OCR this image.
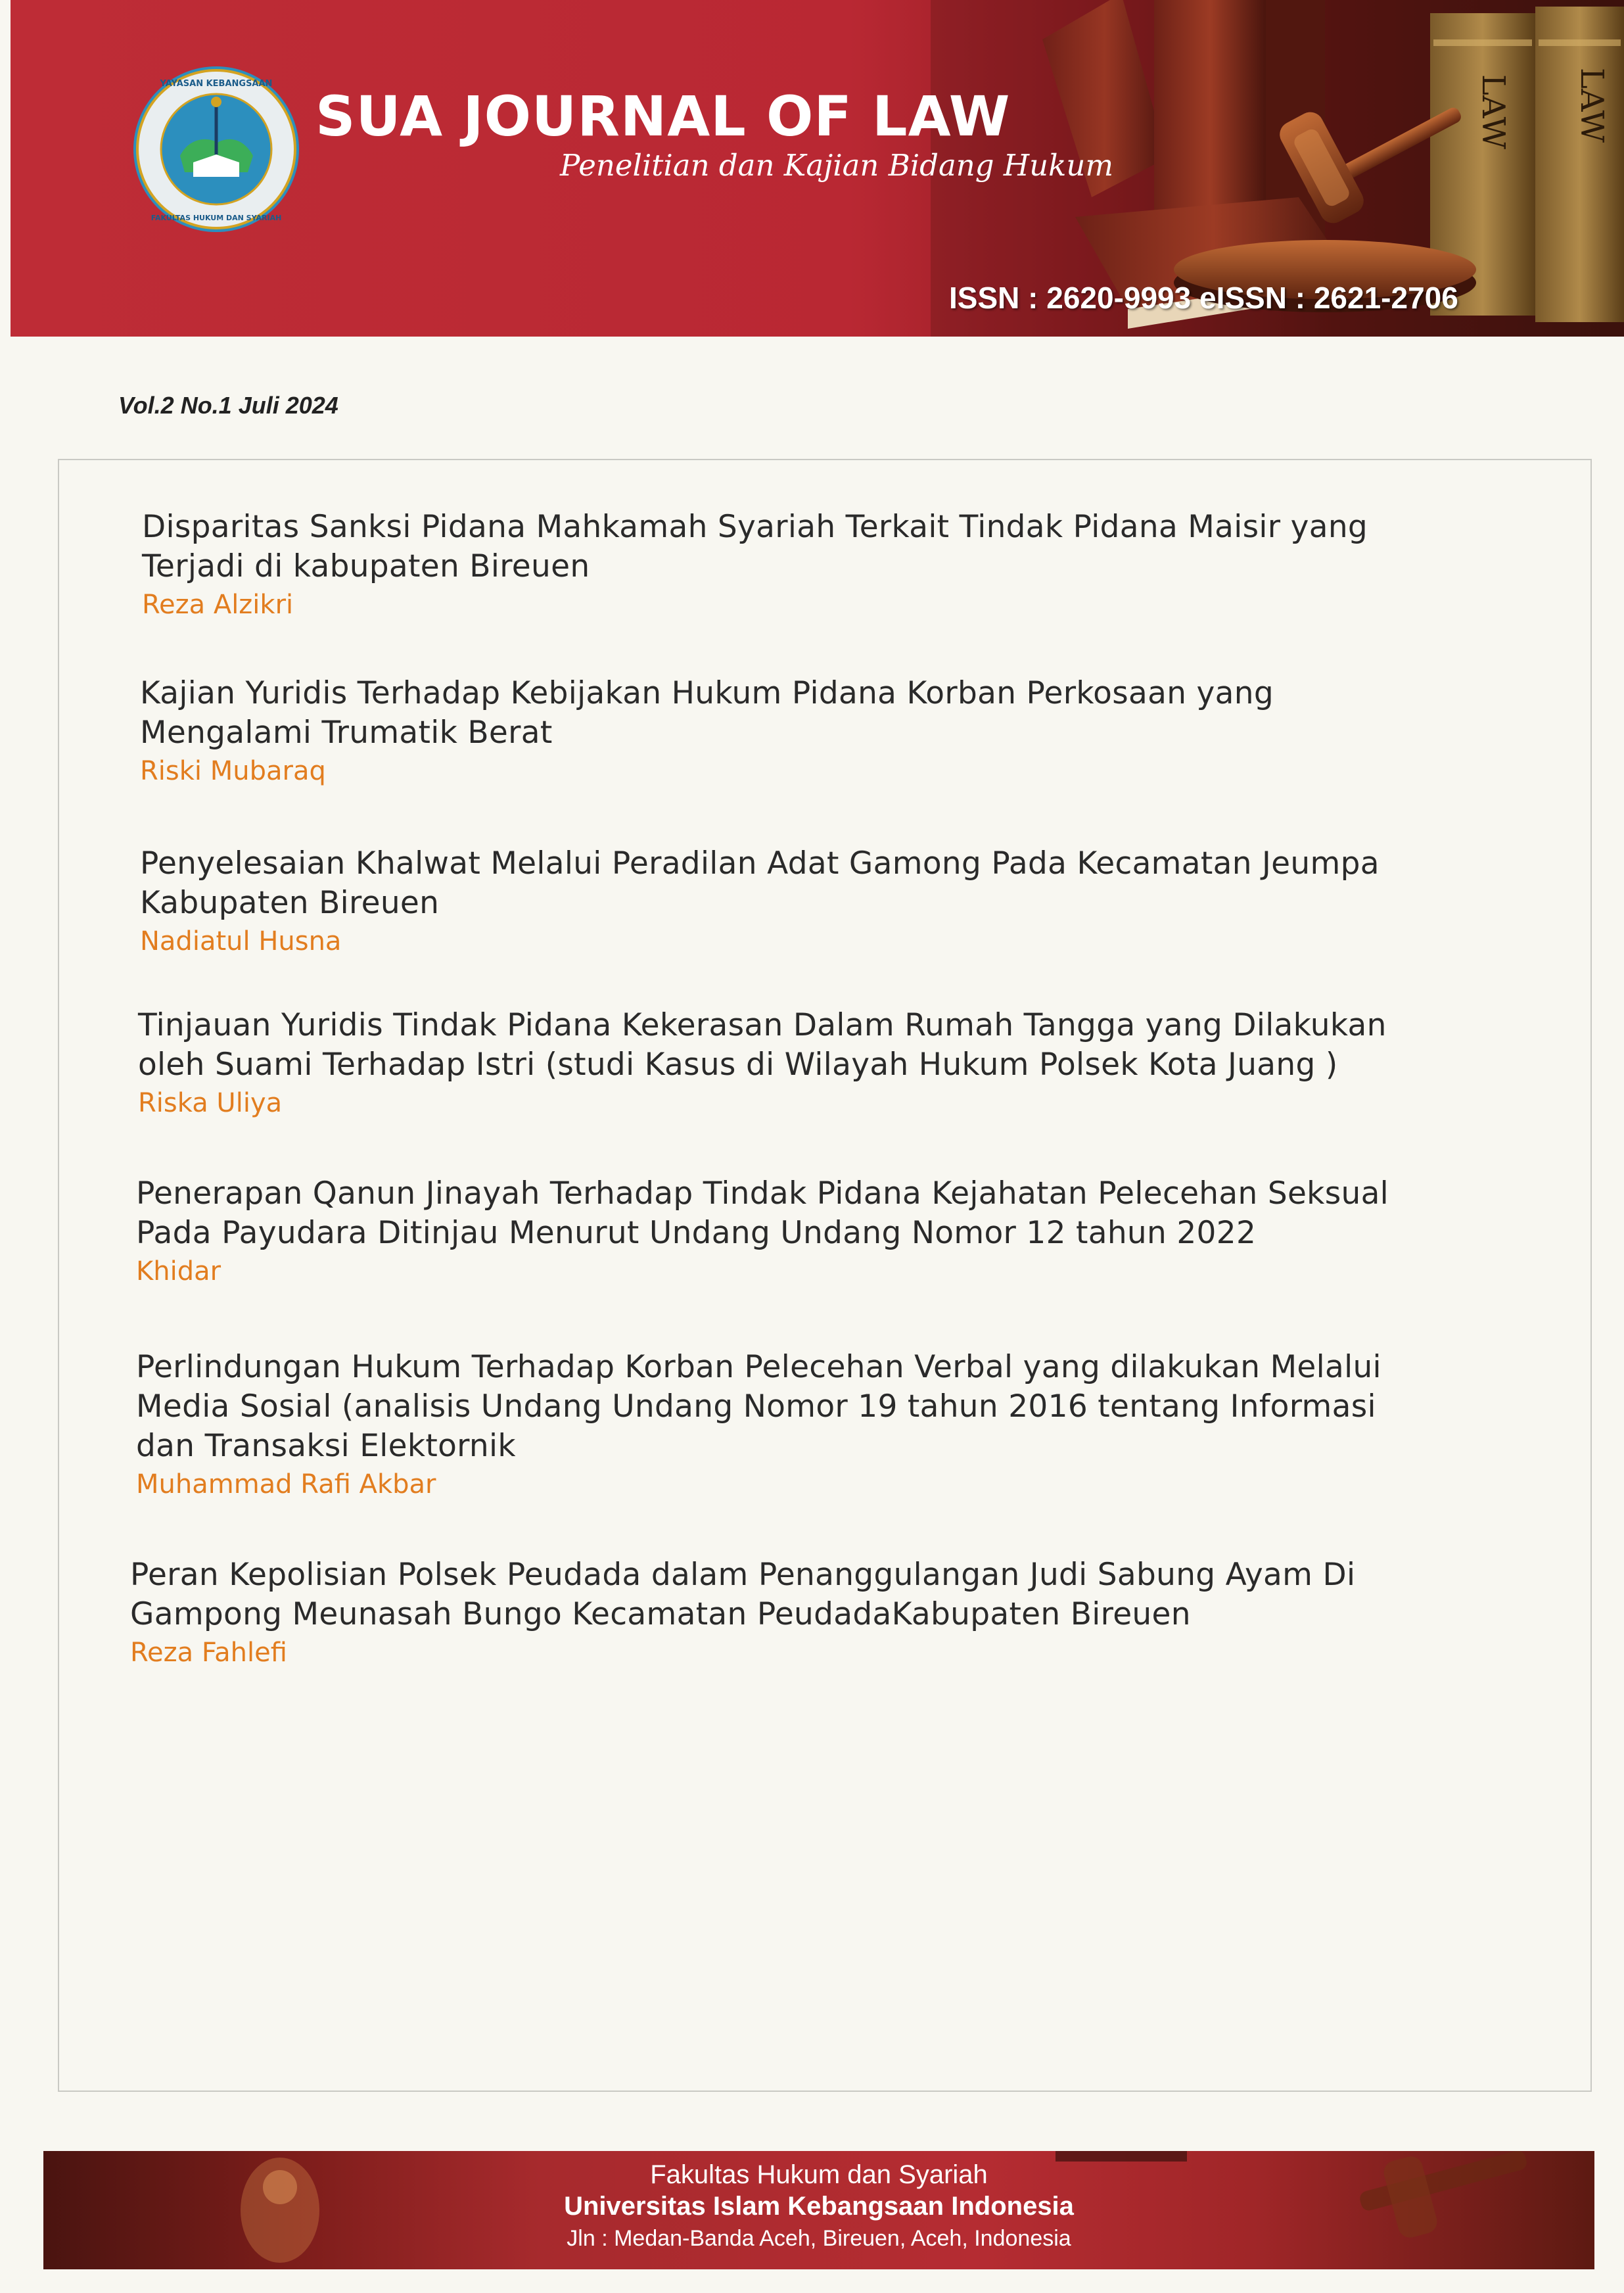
LAW LAW
YAYASAN KEBANGSAAN
FAKULTAS HUKUM DAN SYARIAH
SUA JOURNAL OF LAW
Penelitian dan Kajian Bidang Hukum
ISSN : 2620-9993 eISSN : 2621-2706
Vol.2 No.1 Juli 2024
Disparitas Sanksi Pidana Mahkamah Syariah Terkait Tindak Pidana Maisir yang
Terjadi di kabupaten Bireuen
Reza Alzikri
Kajian Yuridis Terhadap Kebijakan Hukum Pidana Korban Perkosaan yang
Mengalami Trumatik Berat
Riski Mubaraq
Penyelesaian Khalwat Melalui Peradilan Adat Gamong Pada Kecamatan Jeumpa
Kabupaten Bireuen
Nadiatul Husna
Tinjauan Yuridis Tindak Pidana Kekerasan Dalam Rumah Tangga yang Dilakukan
oleh Suami Terhadap Istri (studi Kasus di Wilayah Hukum Polsek Kota Juang )
Riska Uliya
Penerapan Qanun Jinayah Terhadap Tindak Pidana Kejahatan Pelecehan Seksual
Pada Payudara Ditinjau Menurut Undang Undang Nomor 12 tahun 2022
Khidar
Perlindungan Hukum Terhadap Korban Pelecehan Verbal yang dilakukan Melalui
Media Sosial (analisis Undang Undang Nomor 19 tahun 2016 tentang Informasi
dan Transaksi Elektornik
Muhammad Rafi Akbar
Peran Kepolisian Polsek Peudada dalam Penanggulangan Judi Sabung Ayam Di
Gampong Meunasah Bungo Kecamatan PeudadaKabupaten Bireuen
Reza Fahlefi
Fakultas Hukum dan Syariah
Universitas Islam Kebangsaan Indonesia
Jln : Medan-Banda Aceh, Bireuen, Aceh, Indonesia
